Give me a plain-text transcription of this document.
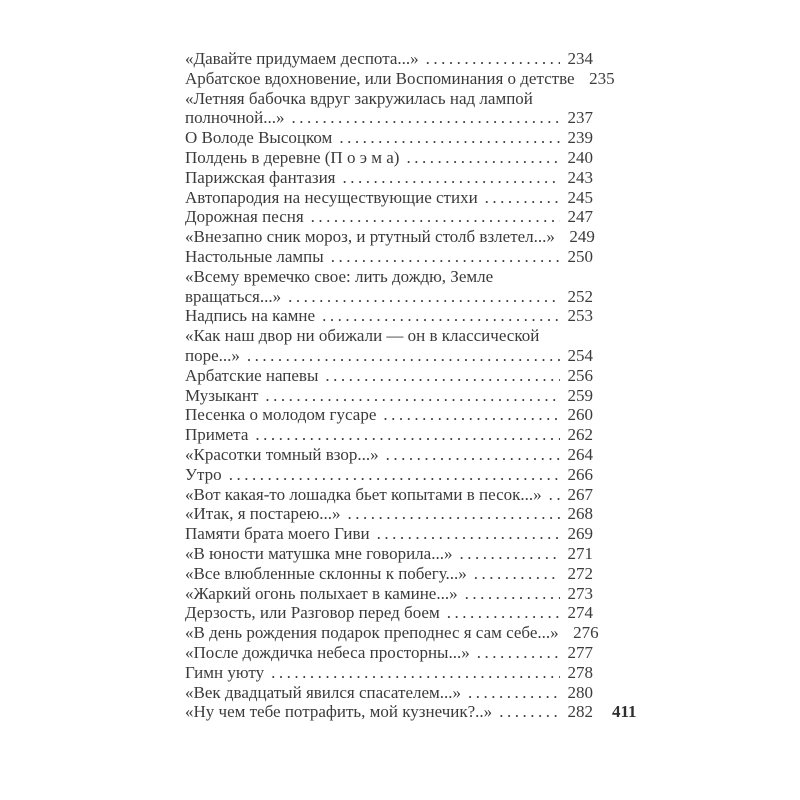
«Давайте придумаем деспота...» .....	234
Арбатское вдохновение, или Воспоминания о детстве 235
«Летняя бабочка вдруг закружилась над лампой
полночной...» .....	237
О Володе Высоцком .....	239
Полдень в деревне (П о э м а) .....	240
Парижская фантазия .....	243
Автопародия на несуществующие стихи .....	245
Дорожная песня .....	247
«Внезапно сник мороз, и ртутный столб взлетел...» 249
Настольные лампы .....	250
«Всему времечко свое: лить дождю, Земле
вращаться...» .....	252
Надпись на камне .....	253
«Как наш двор ни обижали — он в классической
поре...» .....	254
Арбатские напевы .....	256
Музыкант .....	259
Песенка о молодом гусаре .....	260
Примета .....	262
«Красотки томный взор...» .....	264
Утро .....	266
«Вот какая-то лошадка бьет копытами в песок...» ..... 267
«Итак, я постарею...» .....	268
Памяти брата моего Гиви .....	269
«В юности матушка мне говорила...» .....	271
«Все влюбленные склонны к побегу...» .....	272
«Жаркий огонь полыхает в камине...» .....	273
Дерзость, или Разговор перед боем .....	274
«В день рождения подарок преподнес я сам себе...» 276
«После дождичка небеса просторны...» .....	277
Гимн уюту .....	278
«Век двадцатый явился спасателем...» .....	280
«Ну чем тебе потрафить, мой кузнечик?..» .....	282 411
